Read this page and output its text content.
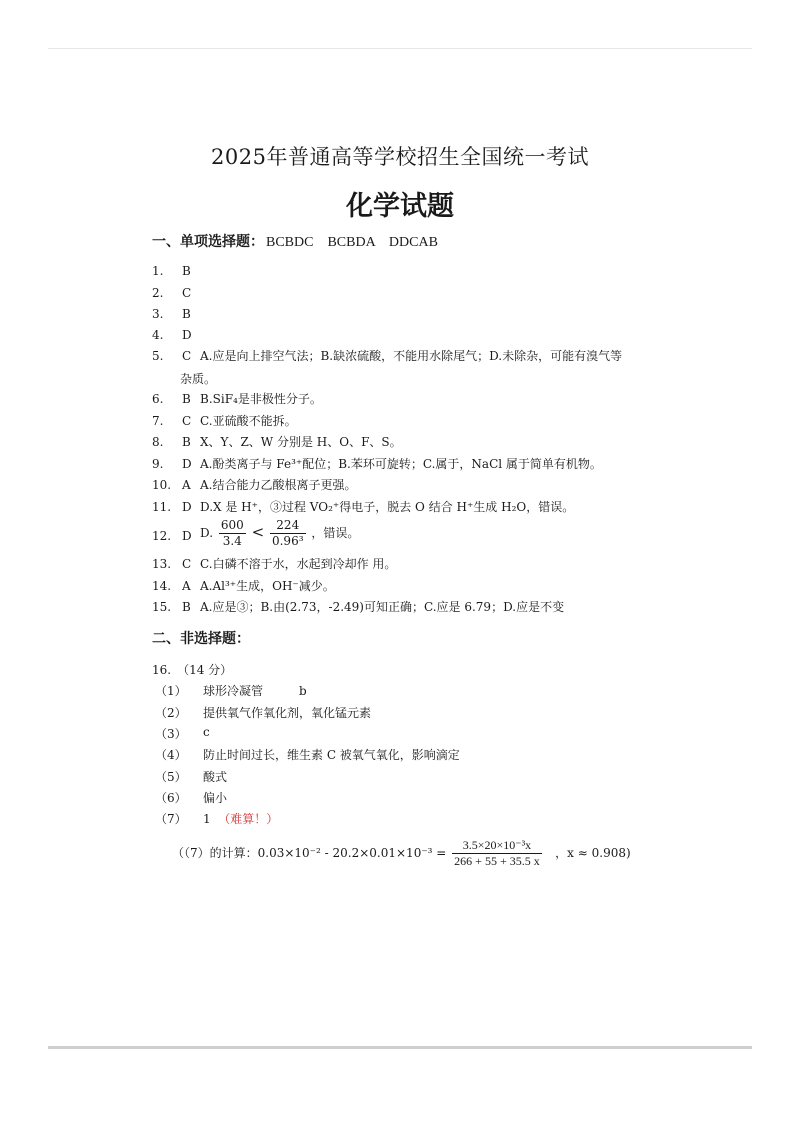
2025年普通高等学校招生全国统一考试
化学试题
一、单项选择题： BCBDC　BCBDA　DDCAB
1. B
2. C
3. B
4. D
5. C A.应是向上排空气法；B.缺浓硫酸，不能用水除尾气；D.未除杂，可能有溴气等
杂质。
6. B B.SiF₄是非极性分子。
7. C C.亚硫酸不能拆。
8. B X、Y、Z、W 分别是 H、O、F、S。
9. D A.酚类离子与 Fe³⁺配位；B.苯环可旋转；C.属于，NaCl 属于简单有机物。
10. A A.结合能力乙酸根离子更强。
11. D D.X 是 H⁺，③过程 VO₂⁺得电子，脱去 O 结合 H⁺生成 H₂O，错误。
12. D D. $\frac{600}{3.4} < \frac{224}{\text{0.96³}}$ ，错误。
13. C C.白磷不溶于水，水起到冷却作 用。
14. A A.Al³⁺生成，OH⁻减少。
15. B A.应是③；B.由(2.73，-2.49)可知正确；C.应是 6.79；D.应是不变
二、非选择题：
16.　（14 分）
（1） 球形冷凝管　　　b
（2） 提供氧气作氧化剂，氧化锰元素
（3） c
（4） 防止时间过长，维生素 C 被氧气氧化，影响滴定
（5） 酸式
（6） 偏小
（7） 1 （难算！）
（（7）的计算：$0.03\times 10^{-2} - 20.2\times 0.01\times 10^{-3} = \frac{\text{3.5×20×10⁻³x}}{266 + 55 + 35.5 x}$ ，x ≈ 0.908)
